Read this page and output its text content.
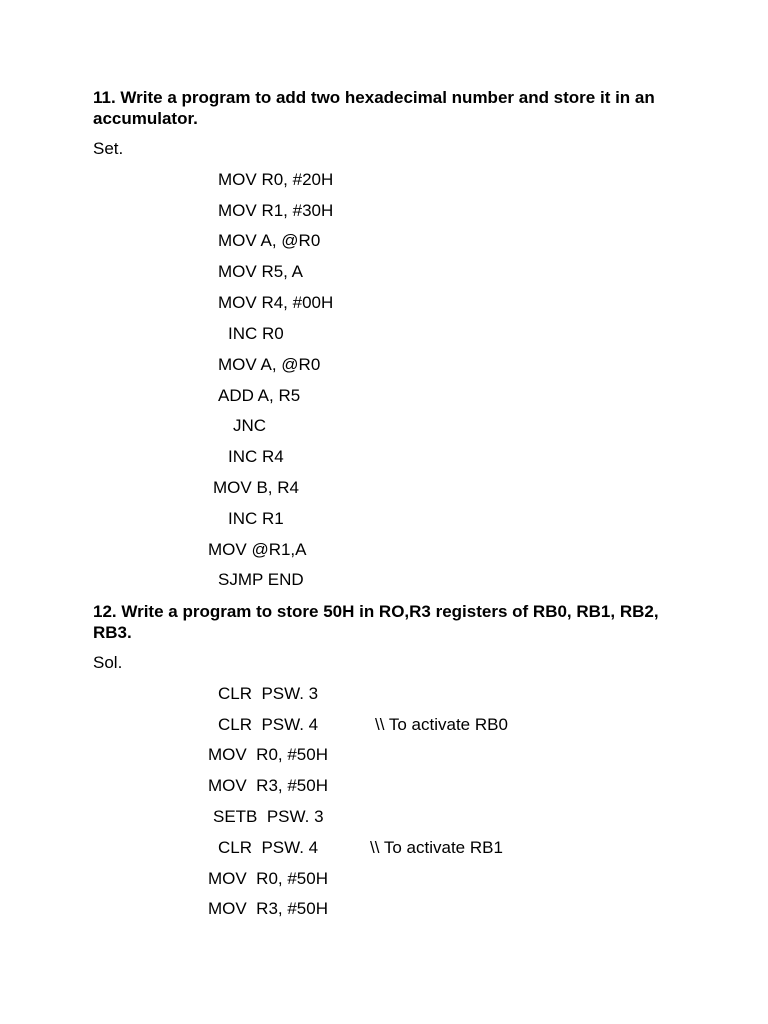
11. Write a program to add two hexadecimal number and store it in an accumulator.

Set.

MOV R0, #20H
MOV R1, #30H
MOV A, @R0
MOV R5, A
MOV R4, #00H
INC R0
MOV A, @R0
ADD A, R5
JNC
INC R4
MOV B, R4
INC R1
MOV @R1,A
SJMP END

12. Write a program to store 50H in RO,R3 registers of RB0, RB1, RB2, RB3.

Sol.

CLR  PSW. 3
CLR  PSW. 4	\\ To activate RB0
MOV  R0, #50H
MOV  R3, #50H
SETB  PSW. 3
CLR  PSW. 4	\\ To activate RB1
MOV  R0, #50H
MOV  R3, #50H
